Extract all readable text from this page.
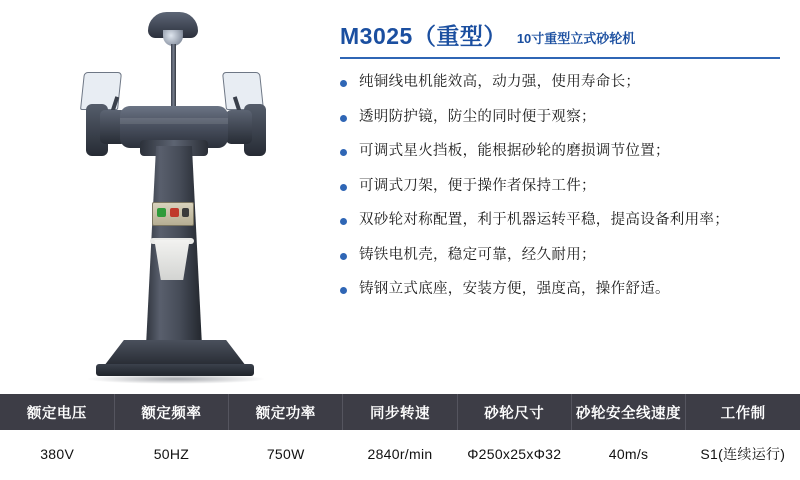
M3025（重型） 10寸重型立式砂轮机
纯铜线电机能效高，动力强，使用寿命长；
透明防护镜，防尘的同时便于观察；
可调式星火挡板，能根据砂轮的磨损调节位置；
可调式刀架，便于操作者保持工件；
双砂轮对称配置，利于机器运转平稳，提高设备利用率；
铸铁电机壳，稳定可靠，经久耐用；
铸钢立式底座，安装方便，强度高，操作舒适。
额定电压	额定频率	额定功率	同步转速	砂轮尺寸	砂轮安全线速度	工作制
380V	50HZ	750W	2840r/min	Φ250x25xΦ32	40m/s	S1(连续运行)
